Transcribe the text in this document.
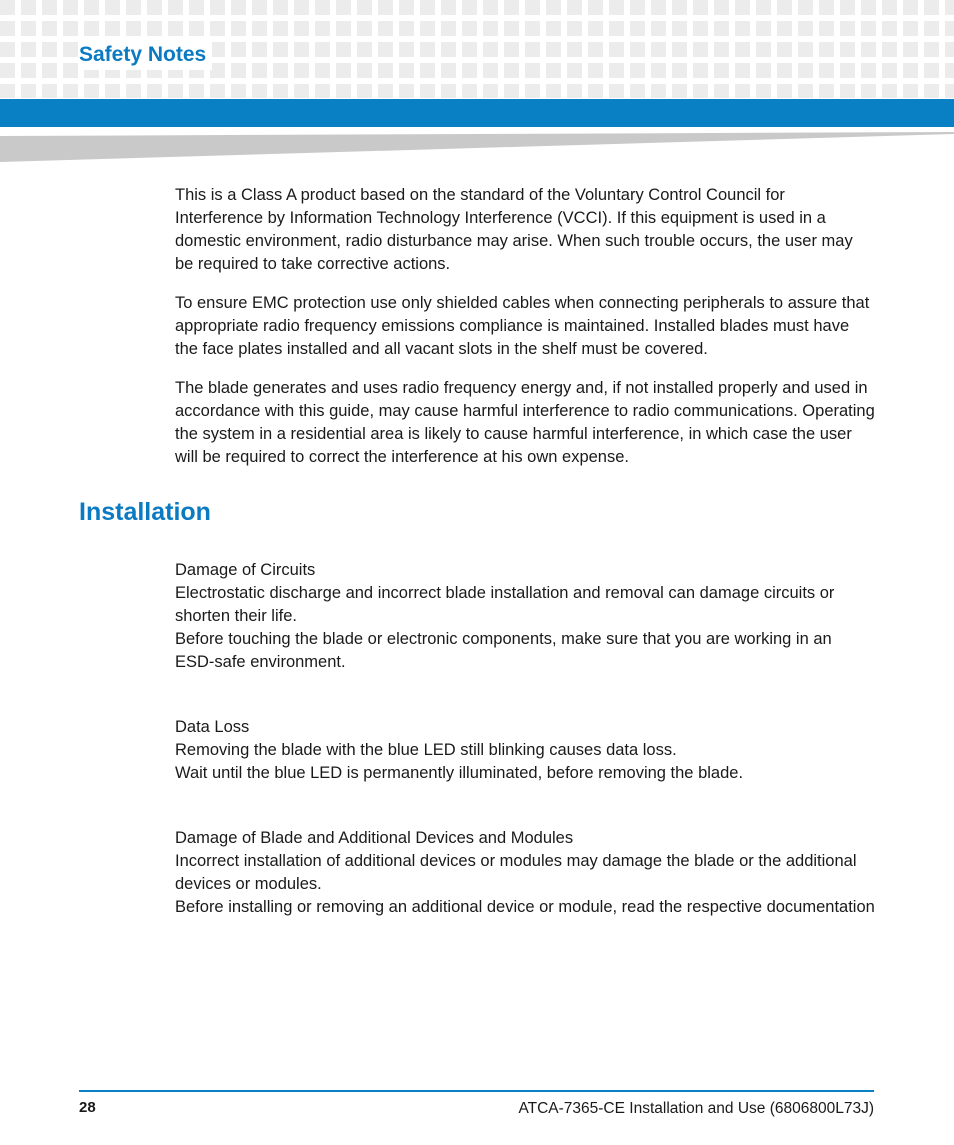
Safety Notes

This is a Class A product based on the standard of the Voluntary Control Council for Interference by Information Technology Interference (VCCI). If this equipment is used in a domestic environment, radio disturbance may arise. When such trouble occurs, the user may be required to take corrective actions.

To ensure EMC protection use only shielded cables when connecting peripherals to assure that appropriate radio frequency emissions compliance is maintained. Installed blades must have the face plates installed and all vacant slots in the shelf must be covered.

The blade generates and uses radio frequency energy and, if not installed properly and used in accordance with this guide, may cause harmful interference to radio communications. Operating the system in a residential area is likely to cause harmful interference, in which case the user will be required to correct the interference at his own expense.

Installation

Damage of Circuits

Electrostatic discharge and incorrect blade installation and removal can damage circuits or shorten their life.

Before touching the blade or electronic components, make sure that you are working in an ESD-safe environment.

Data Loss

Removing the blade with the blue LED still blinking causes data loss.

Wait until the blue LED is permanently illuminated, before removing the blade.

Damage of Blade and Additional Devices and Modules

Incorrect installation of additional devices or modules may damage the blade or the additional devices or modules.

Before installing or removing an additional device or module, read the respective documentation

28	ATCA-7365-CE Installation and Use (6806800L73J)
